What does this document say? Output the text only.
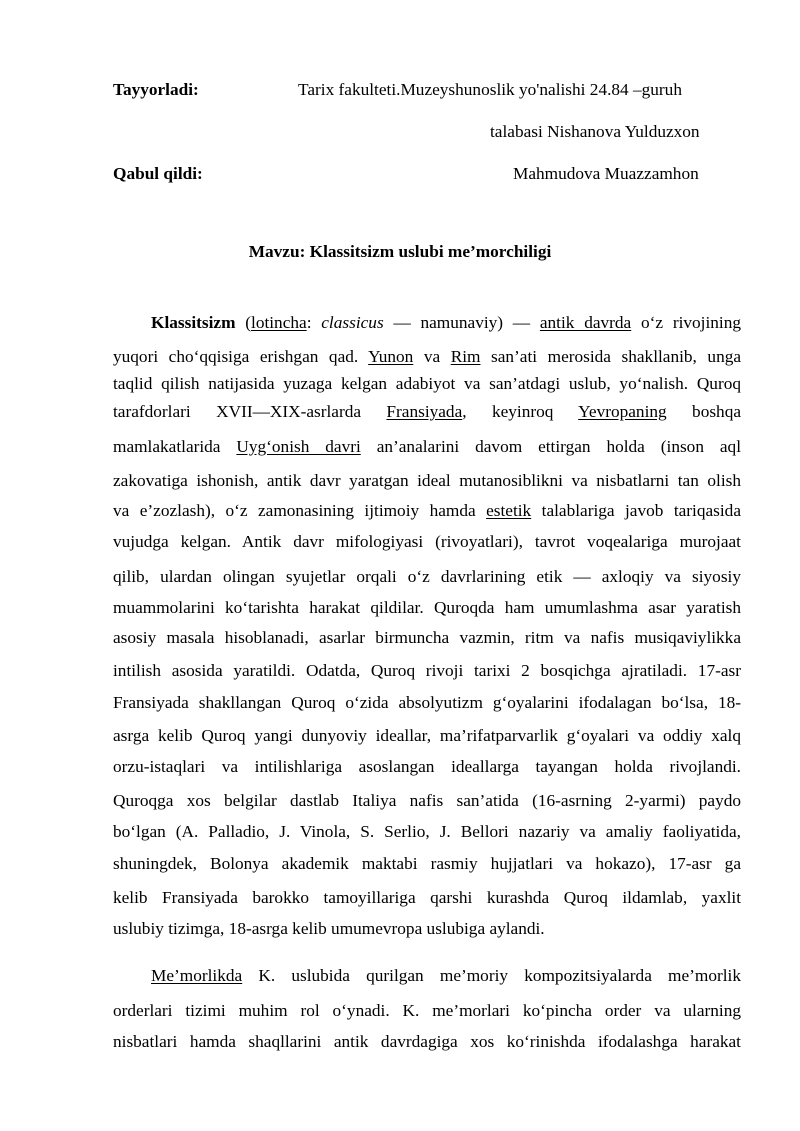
Tayyorladi:	Tarix fakulteti.Muzeyshunoslik yo'nalishi 24.84 –guruh
talabasi Nishanova Yulduzxon
Qabul qildi:	Mahmudova Muazzamhon
Mavzu: Klassitsizm uslubi me’morchiligi
Klassitsizm (lotincha: classicus — namunaviy) — antik davrda o‘z rivojining
yuqori cho‘qqisiga erishgan qad. Yunon va Rim san’ati merosida shakllanib, unga
taqlid qilish natijasida yuzaga kelgan adabiyot va san’atdagi uslub, yo‘nalish. Quroq
tarafdorlari XVII—XIX-asrlarda Fransiyada, keyinroq Yevropaning boshqa
mamlakatlarida Uyg‘onish davri an’analarini davom ettirgan holda (inson aql
zakovatiga ishonish, antik davr yaratgan ideal mutanosiblikni va nisbatlarni tan olish
va e’zozlash), o‘z zamonasining ijtimoiy hamda estetik talablariga javob tariqasida
vujudga kelgan. Antik davr mifologiyasi (rivoyatlari), tavrot voqealariga murojaat
qilib, ulardan olingan syujetlar orqali o‘z davrlarining etik — axloqiy va siyosiy
muammolarini ko‘tarishta harakat qildilar. Quroqda ham umumlashma asar yaratish
asosiy masala hisoblanadi, asarlar birmuncha vazmin, ritm va nafis musiqaviylikka
intilish asosida yaratildi. Odatda, Quroq rivoji tarixi 2 bosqichga ajratiladi. 17-asr
Fransiyada shakllangan Quroq o‘zida absolyutizm g‘oyalarini ifodalagan bo‘lsa, 18-
asrga kelib Quroq yangi dunyoviy ideallar, ma’rifatparvarlik g‘oyalari va oddiy xalq
orzu-istaqlari va intilishlariga asoslangan ideallarga tayangan holda rivojlandi.
Quroqga xos belgilar dastlab Italiya nafis san’atida (16-asrning 2-yarmi) paydo
bo‘lgan (A. Palladio, J. Vinola, S. Serlio, J. Bellori nazariy va amaliy faoliyatida,
shuningdek, Bolonya akademik maktabi rasmiy hujjatlari va hokazo), 17-asr ga
kelib Fransiyada barokko tamoyillariga qarshi kurashda Quroq ildamlab, yaxlit
uslubiy tizimga, 18-asrga kelib umumevropa uslubiga aylandi.
Me’morlikda K. uslubida qurilgan me’moriy kompozitsiyalarda me’morlik
orderlari tizimi muhim rol o‘ynadi. K. me’morlari ko‘pincha order va ularning
nisbatlari hamda shaqllarini antik davrdagiga xos ko‘rinishda ifodalashga harakat
